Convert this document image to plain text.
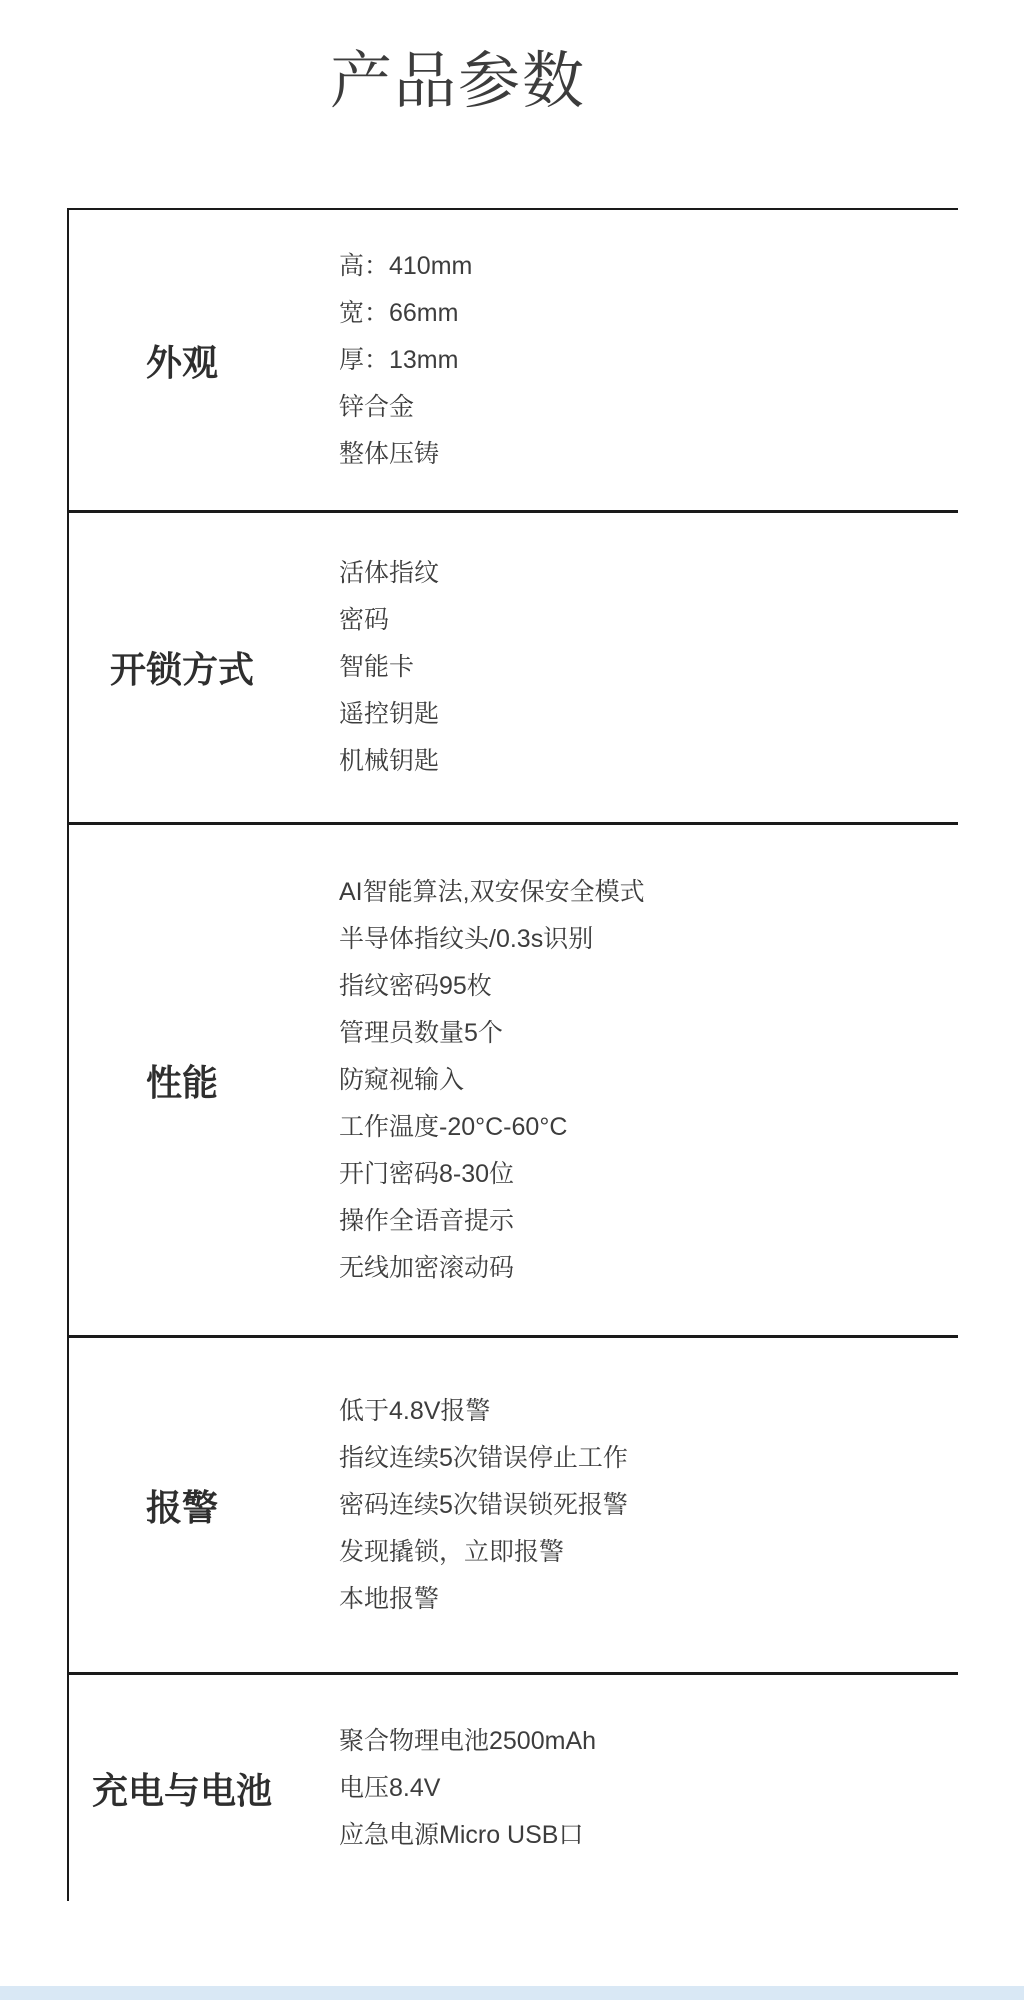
产品参数
外观
高：410mm
宽：66mm
厚：13mm
锌合金
整体压铸
开锁方式
活体指纹
密码
智能卡
遥控钥匙
机械钥匙
性能
AI智能算法,双安保安全模式
半导体指纹头/0.3s识别
指纹密码95枚
管理员数量5个
防窥视输入
工作温度-20°C-60°C
开门密码8-30位
操作全语音提示
无线加密滚动码
报警
低于4.8V报警
指纹连续5次错误停止工作
密码连续5次错误锁死报警
发现撬锁，立即报警
本地报警
充电与电池
聚合物理电池2500mAh
电压8.4V
应急电源Micro USB口
